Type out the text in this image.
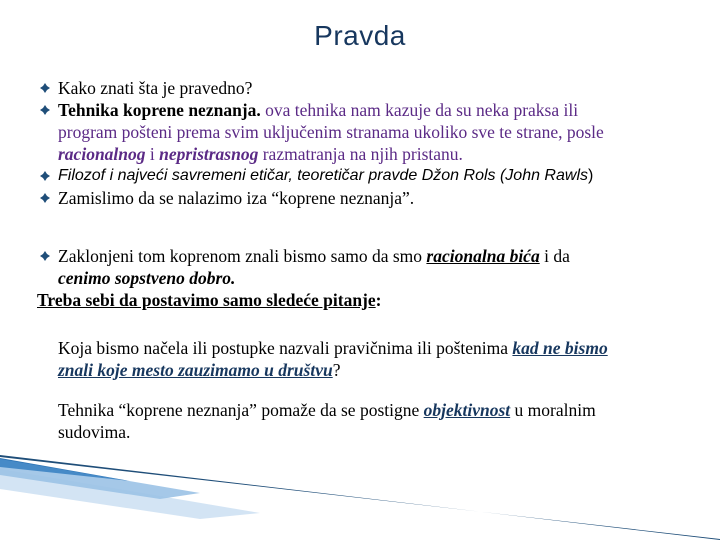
Pravda
Kako znati šta je pravedno?
Tehnika koprene neznanja. ova tehnika nam kazuje da su neka praksa ili
program pošteni prema svim uključenim stranama ukoliko sve te strane, posle
racionalnog i nepristrasnog razmatranja na njih pristanu.
Filozof i najveći savremeni etičar, teoretičar pravde Džon Rols (John Rawls)
Zamislimo da se nalazimo iza “koprene neznanja”.
Zaklonjeni tom koprenom znali bismo samo da smo racionalna bića i da
cenimo sopstveno dobro.
Treba sebi da postavimo samo sledeće pitanje:
Koja bismo načela ili postupke nazvali pravičnima ili poštenima kad ne bismo
znali koje mesto zauzimamo u društvu?
Tehnika “koprene neznanja” pomaže da se postigne objektivnost u moralnim
sudovima.
